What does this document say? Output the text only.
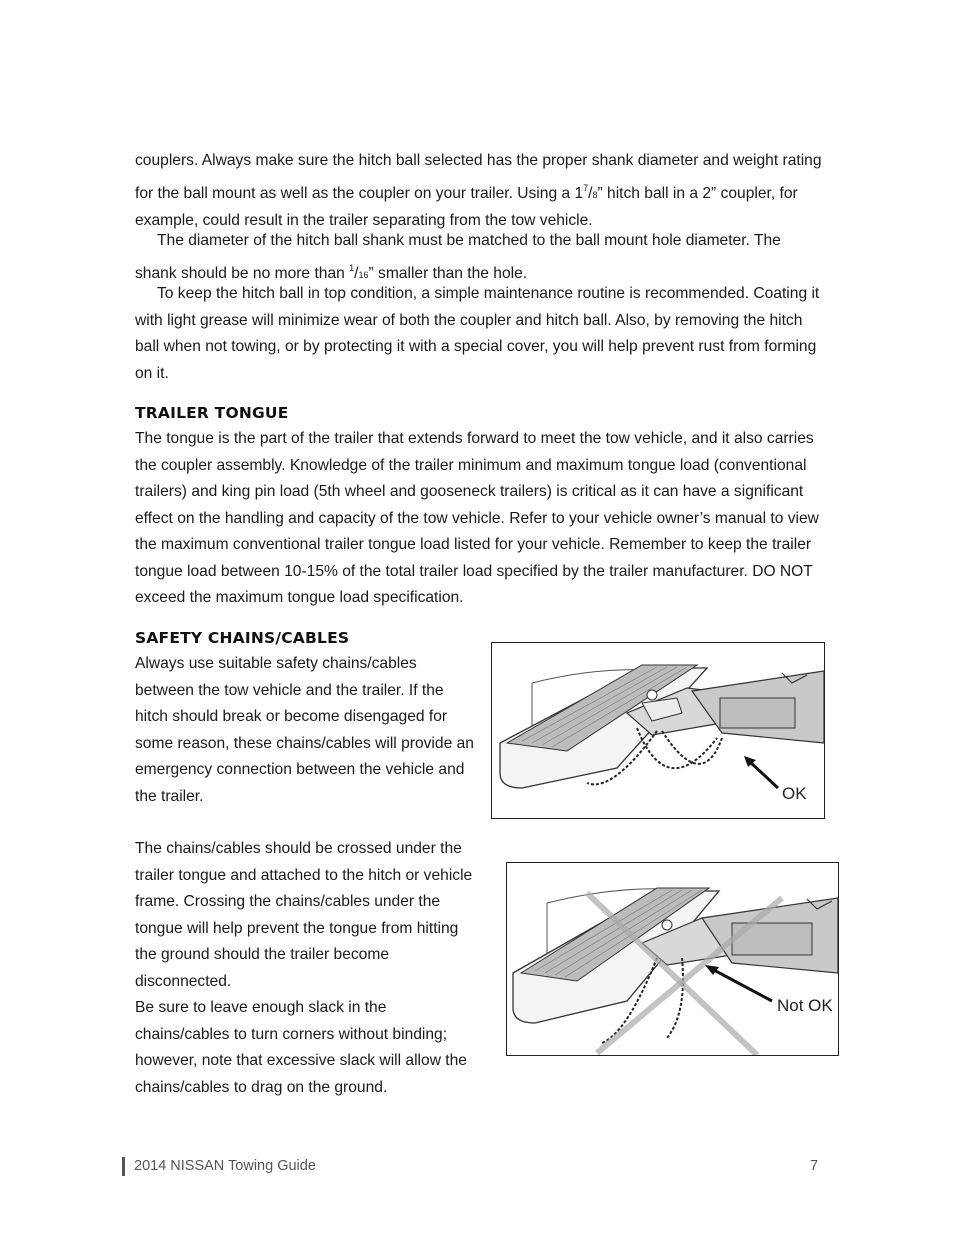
couplers. Always make sure the hitch ball selected has the proper shank diameter and weight rating for the ball mount as well as the coupler on your trailer. Using a $1^7/8$” hitch ball in a 2” coupler, for example, could result in the trailer separating from the tow vehicle.

The diameter of the hitch ball shank must be matched to the ball mount hole diameter. The shank should be no more than $^1$/16” smaller than the hole.

To keep the hitch ball in top condition, a simple maintenance routine is recommended. Coating it with light grease will minimize wear of both the coupler and hitch ball. Also, by removing the hitch ball when not towing, or by protecting it with a special cover, you will help prevent rust from forming on it.

TRAILER TONGUE

The tongue is the part of the trailer that extends forward to meet the tow vehicle, and it also carries the coupler assembly. Knowledge of the trailer minimum and maximum tongue load (conventional trailers) and king pin load (5th wheel and gooseneck trailers) is critical as it can have a significant effect on the handling and capacity of the tow vehicle. Refer to your vehicle owner’s manual to view the maximum conventional trailer tongue load listed for your vehicle. Remember to keep the trailer tongue load between 10-15% of the total trailer load specified by the trailer manufacturer. DO NOT exceed the maximum tongue load specification.

SAFETY CHAINS/CABLES

Always use suitable safety chains/cables between the tow vehicle and the trailer. If the hitch should break or become disengaged for some reason, these chains/cables will provide an emergency connection between the vehicle and the trailer.

The chains/cables should be crossed under the trailer tongue and attached to the hitch or vehicle frame. Crossing the chains/cables under the tongue will help prevent the tongue from hitting the ground should the trailer become disconnected.

Be sure to leave enough slack in the chains/cables to turn corners without binding; however, note that excessive slack will allow the chains/cables to drag on the ground.

OK
Not OK
2014 NISSAN Towing Guide	7
